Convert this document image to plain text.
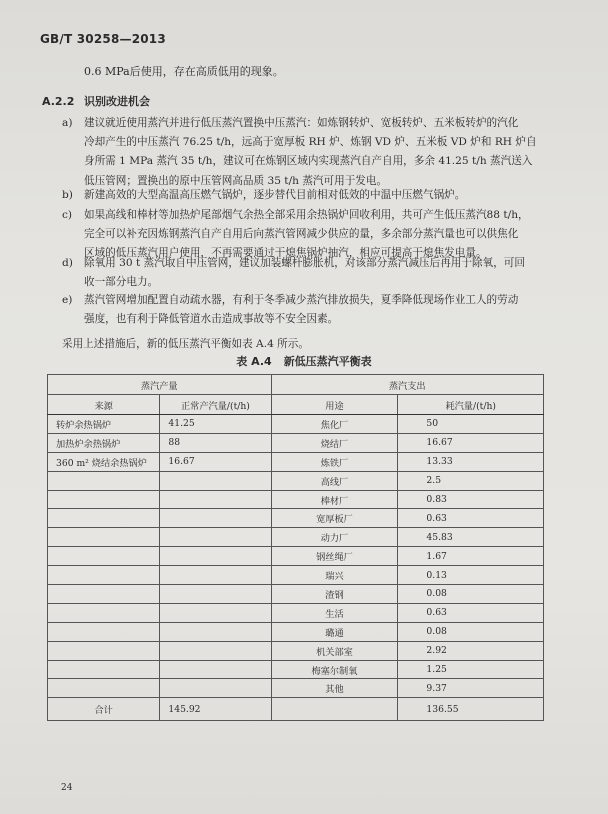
GB/T 30258—2013
0.6 MPa后使用，存在高质低用的现象。
A.2.2 识别改进机会
a)	建议就近使用蒸汽并进行低压蒸汽置换中压蒸汽：如炼钢转炉、宽板转炉、五米板转炉的汽化
冷却产生的中压蒸汽 76.25 t/h，远高于宽厚板 RH 炉、炼钢 VD 炉、五米板 VD 炉和 RH 炉自
身所需 1 MPa 蒸汽 35 t/h，建议可在炼钢区域内实现蒸汽自产自用，多余 41.25 t/h 蒸汽送入
低压管网；置换出的原中压管网高品质 35 t/h 蒸汽可用于发电。
b)	新建高效的大型高温高压燃气锅炉，逐步替代目前相对低效的中温中压燃气锅炉。
c)	如果高线和棒材等加热炉尾部烟气余热全部采用余热锅炉回收利用，共可产生低压蒸汽88 t/h，
完全可以补充因炼钢蒸汽自产自用后向蒸汽管网减少供应的量，多余部分蒸汽量也可以供焦化
区域的低压蒸汽用户使用，不再需要通过干熄焦锅炉抽汽，相应可提高干熄焦发电量。
d)	除氧用 30 t 蒸汽取自中压管网，建议加装螺杆膨胀机，对该部分蒸汽减压后再用于除氧，可回
收一部分电力。
e)	蒸汽管网增加配置自动疏水器，有利于冬季减少蒸汽排放损失，夏季降低现场作业工人的劳动
强度，也有利于降低管道水击造成事故等不安全因素。
采用上述措施后，新的低压蒸汽平衡如表 A.4 所示。
表 A.4 新低压蒸汽平衡表
蒸汽产量		蒸汽支出	
来源	正常产汽量/(t/h)	用途	耗汽量/(t/h)
转炉余热锅炉	41.25	焦化厂	50
加热炉余热锅炉	88	烧结厂	16.67
360 m² 烧结余热锅炉	16.67	炼铁厂	13.33
		高线厂	2.5
		棒材厂	0.83
		宽厚板厂	0.63
		动力厂	45.83
		钢丝绳厂	1.67
		瑞兴	0.13
		渣钢	0.08
		生活	0.63
		璐通	0.08
		机关部室	2.92
		梅塞尔制氧	1.25
		其他	9.37
合计	145.92		136.55
24
